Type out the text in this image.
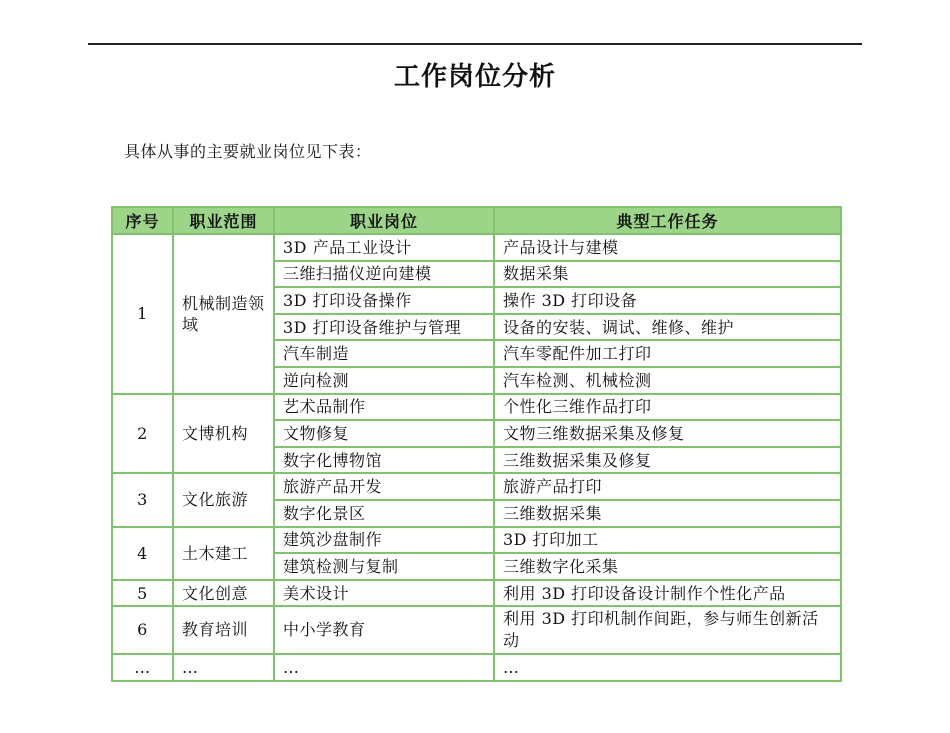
工作岗位分析
具体从事的主要就业岗位见下表：
序号	职业范围	职业岗位	典型工作任务
1	机械制造领域	3D 产品工业设计	产品设计与建模
		三维扫描仪逆向建模	数据采集
		3D 打印设备操作	操作 3D 打印设备
		3D 打印设备维护与管理	设备的安装、调试、维修、维护
		汽车制造	汽车零配件加工打印
		逆向检测	汽车检测、机械检测
2	文博机构	艺术品制作	个性化三维作品打印
		文物修复	文物三维数据采集及修复
		数字化博物馆	三维数据采集及修复
3	文化旅游	旅游产品开发	旅游产品打印
		数字化景区	三维数据采集
4	土木建工	建筑沙盘制作	3D 打印加工
		建筑检测与复制	三维数字化采集
5	文化创意	美术设计	利用 3D 打印设备设计制作个性化产品
6	教育培训	中小学教育	利用 3D 打印机制作间距，参与师生创新活动
…	…	…	…
